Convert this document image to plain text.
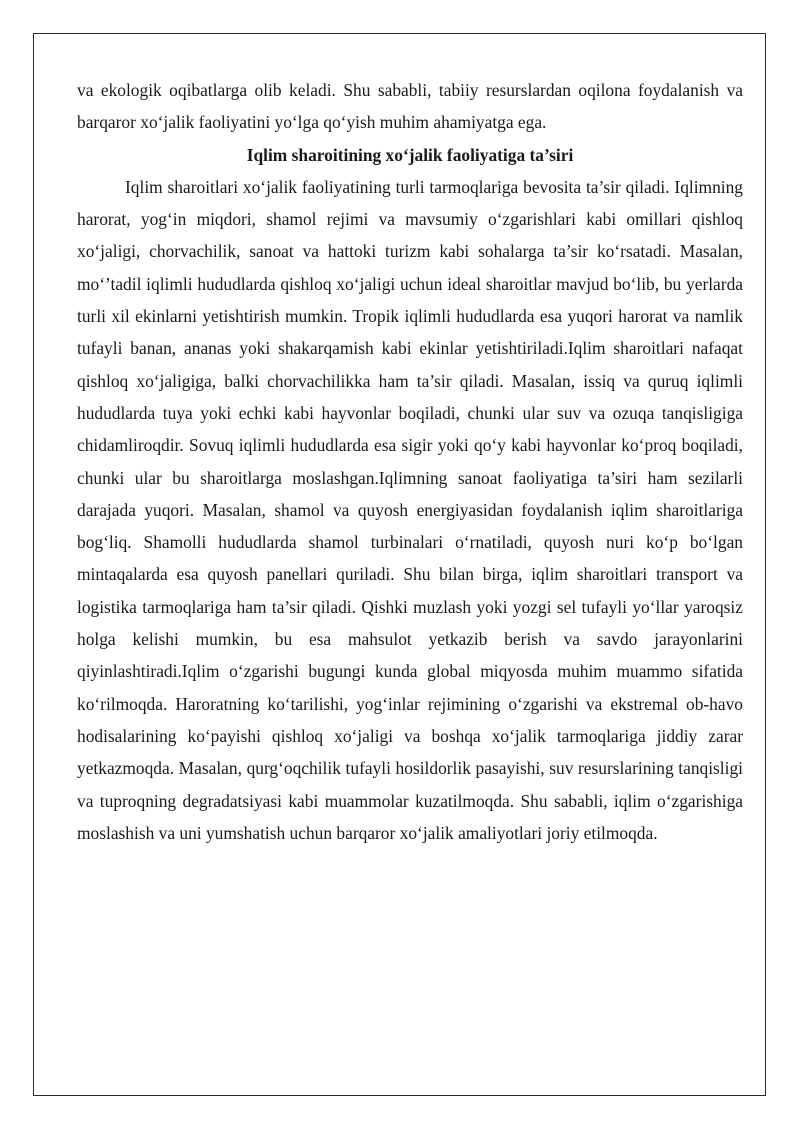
va ekologik oqibatlarga olib keladi. Shu sababli, tabiiy resurslardan oqilona foydalanish va barqaror xo‘jalik faoliyatini yo‘lga qo‘yish muhim ahamiyatga ega.

Iqlim sharoitining xo‘jalik faoliyatiga ta’siri

Iqlim sharoitlari xo‘jalik faoliyatining turli tarmoqlariga bevosita ta’sir qiladi. Iqlimning harorat, yog‘in miqdori, shamol rejimi va mavsumiy o‘zgarishlari kabi omillari qishloq xo‘jaligi, chorvachilik, sanoat va hattoki turizm kabi sohalarga ta’sir ko‘rsatadi. Masalan, mo‘’tadil iqlimli hududlarda qishloq xo‘jaligi uchun ideal sharoitlar mavjud bo‘lib, bu yerlarda turli xil ekinlarni yetishtirish mumkin. Tropik iqlimli hududlarda esa yuqori harorat va namlik tufayli banan, ananas yoki shakarqamish kabi ekinlar yetishtiriladi.Iqlim sharoitlari nafaqat qishloq xo‘jaligiga, balki chorvachilikka ham ta’sir qiladi. Masalan, issiq va quruq iqlimli hududlarda tuya yoki echki kabi hayvonlar boqiladi, chunki ular suv va ozuqa tanqisligiga chidamliroqdir. Sovuq iqlimli hududlarda esa sigir yoki qo‘y kabi hayvonlar ko‘proq boqiladi, chunki ular bu sharoitlarga moslashgan.Iqlimning sanoat faoliyatiga ta’siri ham sezilarli darajada yuqori. Masalan, shamol va quyosh energiyasidan foydalanish iqlim sharoitlariga bog‘liq. Shamolli hududlarda shamol turbinalari o‘rnatiladi, quyosh nuri ko‘p bo‘lgan mintaqalarda esa quyosh panellari quriladi. Shu bilan birga, iqlim sharoitlari transport va logistika tarmoqlariga ham ta’sir qiladi. Qishki muzlash yoki yozgi sel tufayli yo‘llar yaroqsiz holga kelishi mumkin, bu esa mahsulot yetkazib berish va savdo jarayonlarini qiyinlashtiradi.Iqlim o‘zgarishi bugungi kunda global miqyosda muhim muammo sifatida ko‘rilmoqda. Haroratning ko‘tarilishi, yog‘inlar rejimining o‘zgarishi va ekstremal ob-havo hodisalarining ko‘payishi qishloq xo‘jaligi va boshqa xo‘jalik tarmoqlariga jiddiy zarar yetkazmoqda. Masalan, qurg‘oqchilik tufayli hosildorlik pasayishi, suv resurslarining tanqisligi va tuproqning degradatsiyasi kabi muammolar kuzatilmoqda. Shu sababli, iqlim o‘zgarishiga moslashish va uni yumshatish uchun barqaror xo‘jalik amaliyotlari joriy etilmoqda.
